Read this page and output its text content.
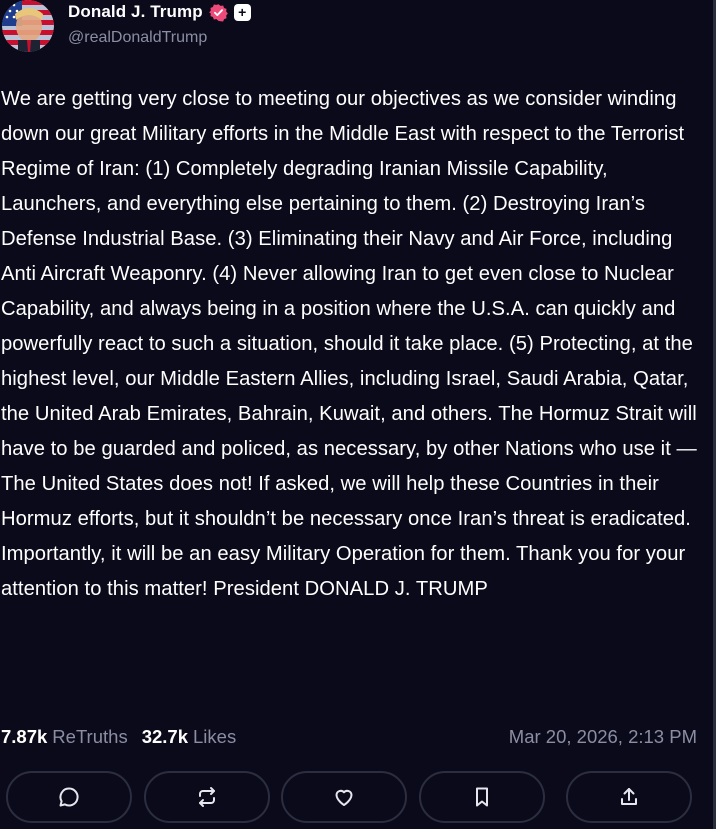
Donald J. Trump	+
@realDonaldTrump
We are getting very close to meeting our objectives as we consider winding down our great Military efforts in the Middle East with respect to the Terrorist Regime of Iran: (1) Completely degrading Iranian Missile Capability, Launchers, and everything else pertaining to them. (2) Destroying Iran’s Defense Industrial Base. (3) Eliminating their Navy and Air Force, including Anti Aircraft Weaponry. (4) Never allowing Iran to get even close to Nuclear Capability, and always being in a position where the U.S.A. can quickly and powerfully react to such a situation, should it take place. (5) Protecting, at the highest level, our Middle Eastern Allies, including Israel, Saudi Arabia, Qatar, the United Arab Emirates, Bahrain, Kuwait, and others. The Hormuz Strait will have to be guarded and policed, as necessary, by other Nations who use it — The United States does not! If asked, we will help these Countries in their Hormuz efforts, but it shouldn’t be necessary once Iran’s threat is eradicated. Importantly, it will be an easy Military Operation for them. Thank you for your attention to this matter! President DONALD J. TRUMP
7.87k ReTruths 32.7k Likes	Mar 20, 2026, 2:13 PM
